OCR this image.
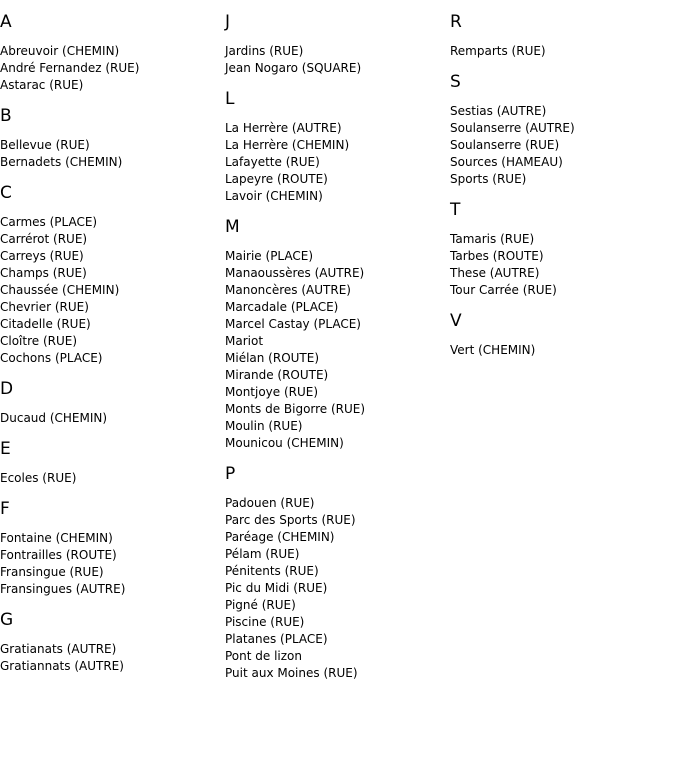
A
Abreuvoir (CHEMIN)
André Fernandez (RUE)
Astarac (RUE)
B
Bellevue (RUE)
Bernadets (CHEMIN)
C
Carmes (PLACE)
Carrérot (RUE)
Carreys (RUE)
Champs (RUE)
Chaussée (CHEMIN)
Chevrier (RUE)
Citadelle (RUE)
Cloître (RUE)
Cochons (PLACE)
D
Ducaud (CHEMIN)
E
Ecoles (RUE)
F
Fontaine (CHEMIN)
Fontrailles (ROUTE)
Fransingue (RUE)
Fransingues (AUTRE)
G
Gratianats (AUTRE)
Gratiannats (AUTRE)
J
Jardins (RUE)
Jean Nogaro (SQUARE)
L
La Herrère (AUTRE)
La Herrère (CHEMIN)
Lafayette (RUE)
Lapeyre (ROUTE)
Lavoir (CHEMIN)
M
Mairie (PLACE)
Manaoussères (AUTRE)
Manoncères (AUTRE)
Marcadale (PLACE)
Marcel Castay (PLACE)
Mariot
Miélan (ROUTE)
Mirande (ROUTE)
Montjoye (RUE)
Monts de Bigorre (RUE)
Moulin (RUE)
Mounicou (CHEMIN)
P
Padouen (RUE)
Parc des Sports (RUE)
Paréage (CHEMIN)
Pélam (RUE)
Pénitents (RUE)
Pic du Midi (RUE)
Pigné (RUE)
Piscine (RUE)
Platanes (PLACE)
Pont de lizon
Puit aux Moines (RUE)
R
Remparts (RUE)
S
Sestias (AUTRE)
Soulanserre (AUTRE)
Soulanserre (RUE)
Sources (HAMEAU)
Sports (RUE)
T
Tamaris (RUE)
Tarbes (ROUTE)
These (AUTRE)
Tour Carrée (RUE)
V
Vert (CHEMIN)
